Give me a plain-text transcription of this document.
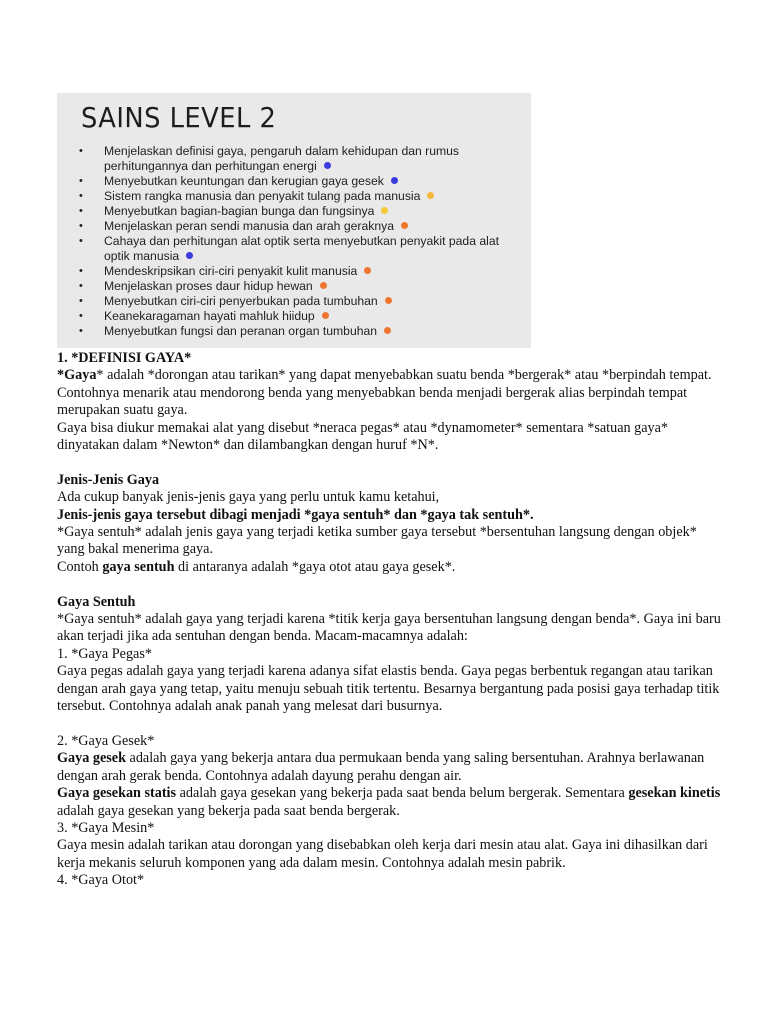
SAINS LEVEL 2
• Menjelaskan definisi gaya, pengaruh dalam kehidupan dan rumus perhitungannya dan perhitungan energi
• Menyebutkan keuntungan dan kerugian gaya gesek
• Sistem rangka manusia dan penyakit tulang pada manusia
• Menyebutkan bagian-bagian bunga dan fungsinya
• Menjelaskan peran sendi manusia dan arah geraknya
• Cahaya dan perhitungan alat optik serta menyebutkan penyakit pada alat optik manusia
• Mendeskripsikan ciri-ciri penyakit kulit manusia
• Menjelaskan proses daur hidup hewan
• Menyebutkan ciri-ciri penyerbukan pada tumbuhan
• Keanekaragaman hayati mahluk hiidup
• Menyebutkan fungsi dan peranan organ tumbuhan

1. *DEFINISI GAYA*

*Gaya* adalah *dorongan atau tarikan* yang dapat menyebabkan suatu benda *bergerak* atau *berpindah tempat.

Contohnya menarik atau mendorong benda yang menyebabkan benda menjadi bergerak alias berpindah tempat merupakan suatu gaya.

Gaya bisa diukur memakai alat yang disebut *neraca pegas* atau *dynamometer* sementara *satuan gaya* dinyatakan dalam *Newton* dan dilambangkan dengan huruf *N*.

Jenis-Jenis Gaya

Ada cukup banyak jenis-jenis gaya yang perlu untuk kamu ketahui,

Jenis-jenis gaya tersebut dibagi menjadi *gaya sentuh* dan *gaya tak sentuh*.

*Gaya sentuh* adalah jenis gaya yang terjadi ketika sumber gaya tersebut *bersentuhan langsung dengan objek* yang bakal menerima gaya.

Contoh gaya sentuh di antaranya adalah *gaya otot atau gaya gesek*.

Gaya Sentuh

*Gaya sentuh* adalah gaya yang terjadi karena *titik kerja gaya bersentuhan langsung dengan benda*. Gaya ini baru akan terjadi jika ada sentuhan dengan benda. Macam-macamnya adalah:

1. *Gaya Pegas*

Gaya pegas adalah gaya yang terjadi karena adanya sifat elastis benda. Gaya pegas berbentuk regangan atau tarikan dengan arah gaya yang tetap, yaitu menuju sebuah titik tertentu. Besarnya bergantung pada posisi gaya terhadap titik tersebut. Contohnya adalah anak panah yang melesat dari busurnya.

2. *Gaya Gesek*

Gaya gesek adalah gaya yang bekerja antara dua permukaan benda yang saling bersentuhan. Arahnya berlawanan dengan arah gerak benda. Contohnya adalah dayung perahu dengan air.

Gaya gesekan statis adalah gaya gesekan yang bekerja pada saat benda belum bergerak. Sementara gesekan kinetis adalah gaya gesekan yang bekerja pada saat benda bergerak.

3. *Gaya Mesin*

Gaya mesin adalah tarikan atau dorongan yang disebabkan oleh kerja dari mesin atau alat. Gaya ini dihasilkan dari kerja mekanis seluruh komponen yang ada dalam mesin. Contohnya adalah mesin pabrik.

4. *Gaya Otot*
